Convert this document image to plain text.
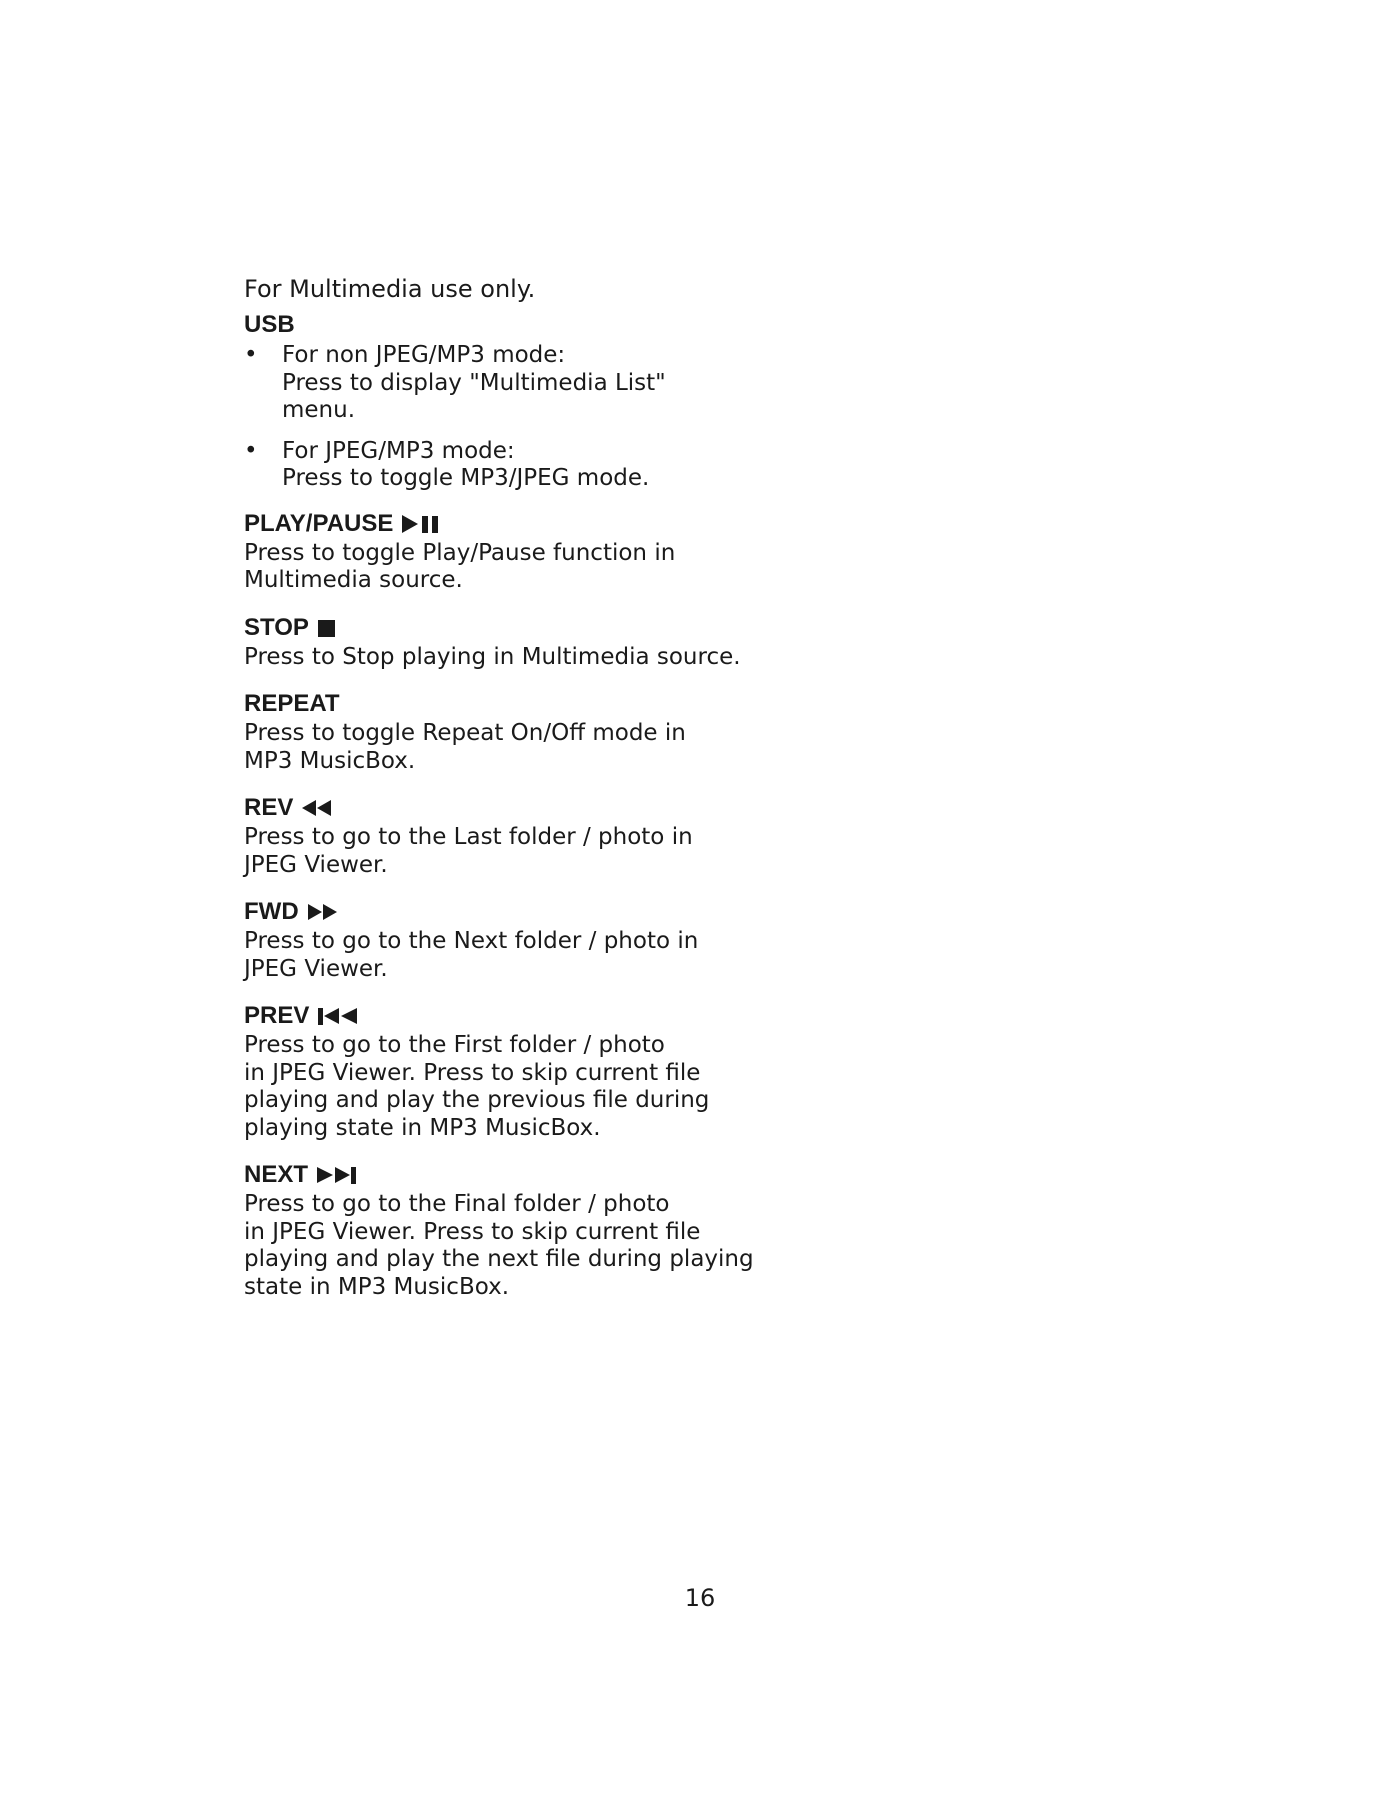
For Multimedia use only.

USB
• For non JPEG/MP3 mode:
Press to display "Multimedia List"
menu.
• For JPEG/MP3 mode:
Press to toggle MP3/JPEG mode.
PLAY/PAUSE

Press to toggle Play/Pause function in
Multimedia source.

STOP

Press to Stop playing in Multimedia source.

REPEAT

Press to toggle Repeat On/Off mode in
MP3 MusicBox.

REV

Press to go to the Last folder / photo in
JPEG Viewer.

FWD

Press to go to the Next folder / photo in
JPEG Viewer.

PREV

Press to go to the First folder / photo
in JPEG Viewer. Press to skip current file
playing and play the previous file during
playing state in MP3 MusicBox.

NEXT

Press to go to the Final folder / photo
in JPEG Viewer. Press to skip current file
playing and play the next file during playing
state in MP3 MusicBox.

16
